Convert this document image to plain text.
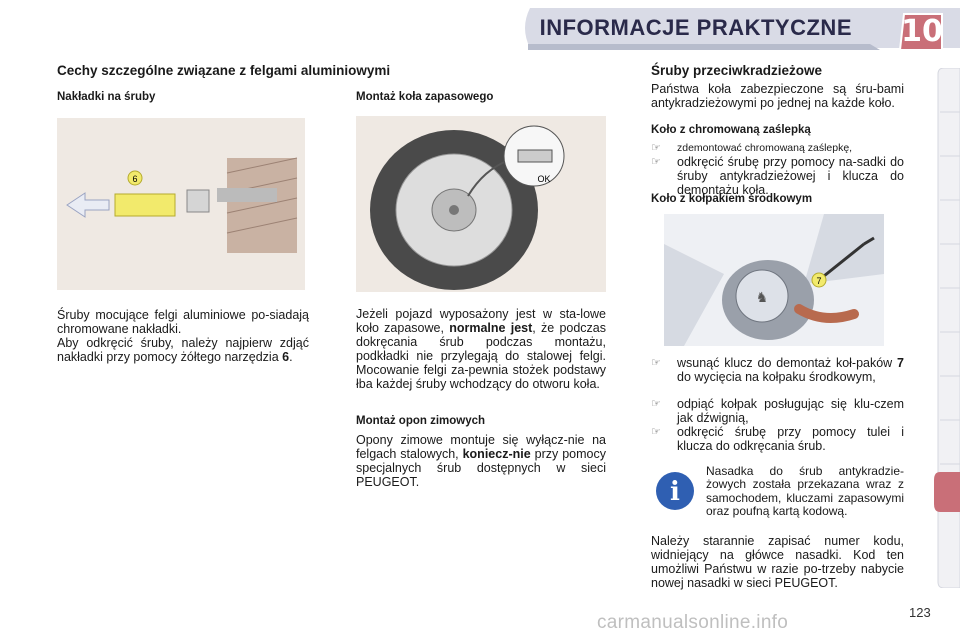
INFORMACJE PRAKTYCZNE 10
Cechy szczególne związane z felgami aluminiowymi
Nakładki na śruby
6
Śruby mocujące felgi aluminiowe po-siadają chromowane nakładki.
Aby odkręcić śruby, należy najpierw zdjąć nakładki przy pomocy żółtego narzędzia 6.
Montaż koła zapasowego
OK
Jeżeli pojazd wyposażony jest w sta-lowe koło zapasowe, normalne jest, że podczas dokręcania śrub podczas montażu, podkładki nie przylegają do stalowej felgi. Mocowanie felgi za-pewnia stożek podstawy łba każdej śruby wchodzący do otworu koła.
Montaż opon zimowych
Opony zimowe montuje się wyłącz-nie na felgach stalowych, koniecz-nie przy pomocy specjalnych śrub dostępnych w sieci PEUGEOT.
Śruby przeciwkradzieżowe
Państwa koła zabezpieczone są śru-bami antykradzieżowymi po jednej na każde koło.
Koło z chromowaną zaślepką
☞	zdemontować chromowaną zaślepkę,
☞	odkręcić śrubę przy pomocy na-sadki do śruby antykradzieżowej i klucza do demontażu koła.
Koło z kołpakiem środkowym
♞
7
☞	wsunąć klucz do demontaż koł-paków 7 do wycięcia na kołpaku środkowym,
☞	odpiąć kołpak posługując się klu-czem jak dźwignią,
☞	odkręcić śrubę przy pomocy tulei i klucza do odkręcania śrub.
i
Nasadka do śrub antykradzie-żowych została przekazana wraz z samochodem, kluczami zapasowymi oraz poufną kartą kodową.
Należy starannie zapisać numer kodu, widniejący na główce nasadki. Kod ten umożliwi Państwu w razie po-trzeby nabycie nowej nasadki w sieci PEUGEOT.
123
carmanualsonline.info
